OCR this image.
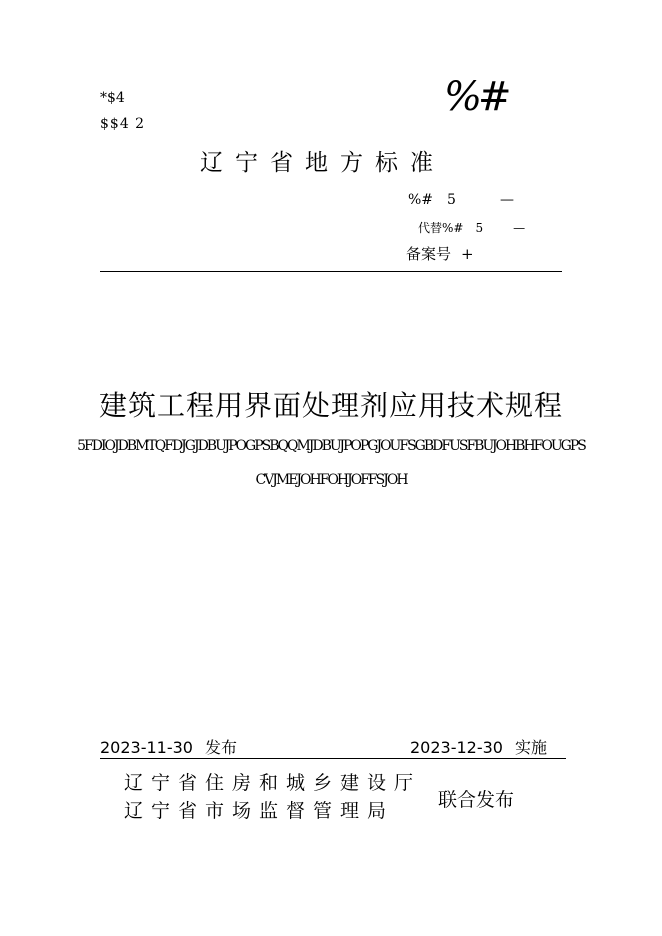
*$4
$$4 2
%#
辽宁省地方标准
%# 5	—
代替%# 5	—
备案号 +
建筑工程用界面处理剂应用技术规程
5FDIOJDBMTQFDJGJDBUJPOGPSBQQMJDBUJPOPGJOUFSGBDFUSFBUJOHBHFOUGPS
CVJMEJOHFOHJOFFSJOH
2023-11-30 发布	2023-12-30 实施
辽宁省住房和城乡建设厅
辽宁省市场监督管理局 联合发布
